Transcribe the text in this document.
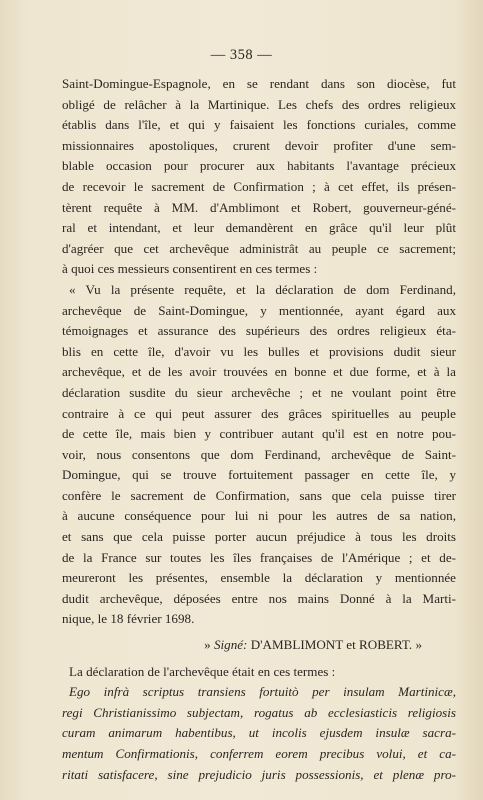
— 358 —
Saint-Domingue-Espagnole, en se rendant dans son diocèse, fut
obligé de relâcher à la Martinique. Les chefs des ordres religieux
établis dans l'île, et qui y faisaient les fonctions curiales, comme
missionnaires apostoliques, crurent devoir profiter d'une sem-
blable occasion pour procurer aux habitants l'avantage précieux
de recevoir le sacrement de Confirmation ; à cet effet, ils présen-
tèrent requête à MM. d'Amblimont et Robert, gouverneur-géné-
ral et intendant, et leur demandèrent en grâce qu'il leur plût
d'agréer que cet archevêque administrât au peuple ce sacrement;
à quoi ces messieurs consentirent en ces termes :
« Vu la présente requête, et la déclaration de dom Ferdinand,
archevêque de Saint-Domingue, y mentionnée, ayant égard aux
témoignages et assurance des supérieurs des ordres religieux éta-
blis en cette île, d'avoir vu les bulles et provisions dudit sieur
archevêque, et de les avoir trouvées en bonne et due forme, et à la
déclaration susdite du sieur archevêche ; et ne voulant point être
contraire à ce qui peut assurer des grâces spirituelles au peuple
de cette île, mais bien y contribuer autant qu'il est en notre pou-
voir, nous consentons que dom Ferdinand, archevêque de Saint-
Domingue, qui se trouve fortuitement passager en cette île, y
confère le sacrement de Confirmation, sans que cela puisse tirer
à aucune conséquence pour lui ni pour les autres de sa nation,
et sans que cela puisse porter aucun préjudice à tous les droits
de la France sur toutes les îles françaises de l'Amérique ; et de-
meureront les présentes, ensemble la déclaration y mentionnée
dudit archevêque, déposées entre nos mains Donné à la Marti-
nique, le 18 février 1698.
» Signé: D'AMBLIMONT et ROBERT. »
La déclaration de l'archevêque était en ces termes :
Ego infrà scriptus transiens fortuitò per insulam Martinicæ,
regi Christianissimo subjectam, rogatus ab ecclesiasticis religiosis
curam animarum habentibus, ut incolis ejusdem insulæ sacra-
mentum Confirmationis, conferrem eorem precibus volui, et ca-
ritati satisfacere, sine prejudicio juris possessionis, et plenæ pro-
